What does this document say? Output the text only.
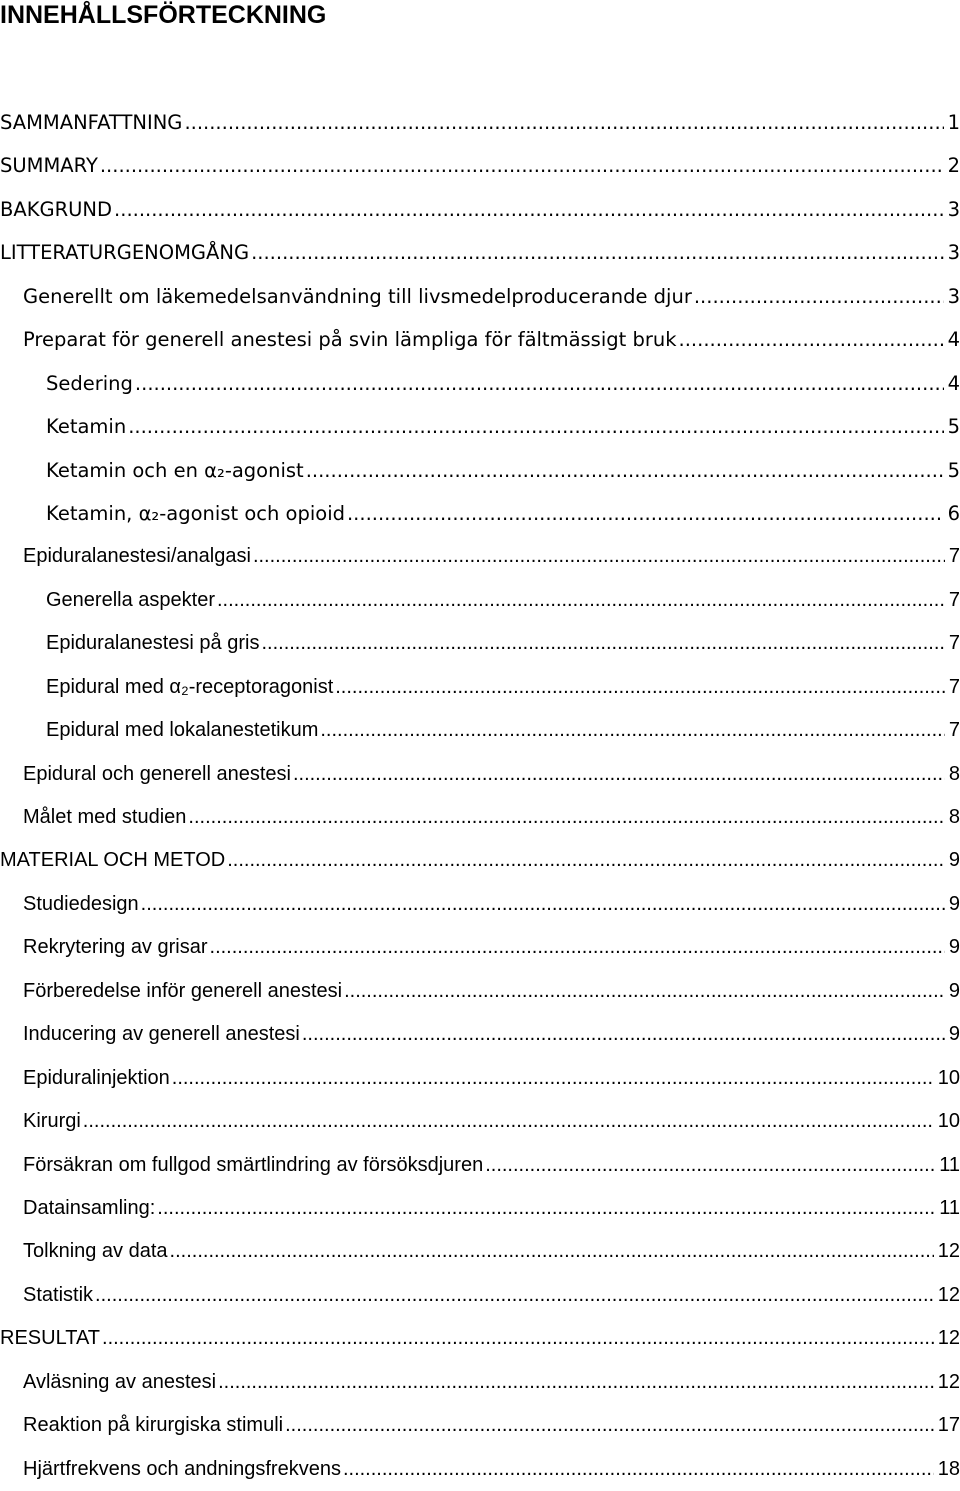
INNEHÅLLSFÖRTECKNING
SAMMANFATTNING .....	1
SUMMARY .....	2
BAKGRUND .....	3
LITTERATURGENOMGÅNG .....	3
Generellt om läkemedelsanvändning till livsmedelproducerande djur .....	3
Preparat för generell anestesi på svin lämpliga för fältmässigt bruk .....	4
Sedering .....	4
Ketamin .....	5
Ketamin och en α₂-agonist .....	5
Ketamin, α₂-agonist och opioid .....	6
Epiduralanestesi/analgasi .....	7
Generella aspekter .....	7
Epiduralanestesi på gris .....	7
Epidural med α₂-receptoragonist .....	7
Epidural med lokalanestetikum .....	7
Epidural och generell anestesi .....	8
Målet med studien .....	8
MATERIAL OCH METOD .....	9
Studiedesign .....	9
Rekrytering av grisar .....	9
Förberedelse inför generell anestesi .....	9
Inducering av generell anestesi .....	9
Epiduralinjektion .....	10
Kirurgi .....	10
Försäkran om fullgod smärtlindring av försöksdjuren .....	11
Datainsamling: .....	11
Tolkning av data .....	12
Statistik .....	12
RESULTAT .....	12
Avläsning av anestesi .....	12
Reaktion på kirurgiska stimuli .....	17
Hjärtfrekvens och andningsfrekvens .....	18
